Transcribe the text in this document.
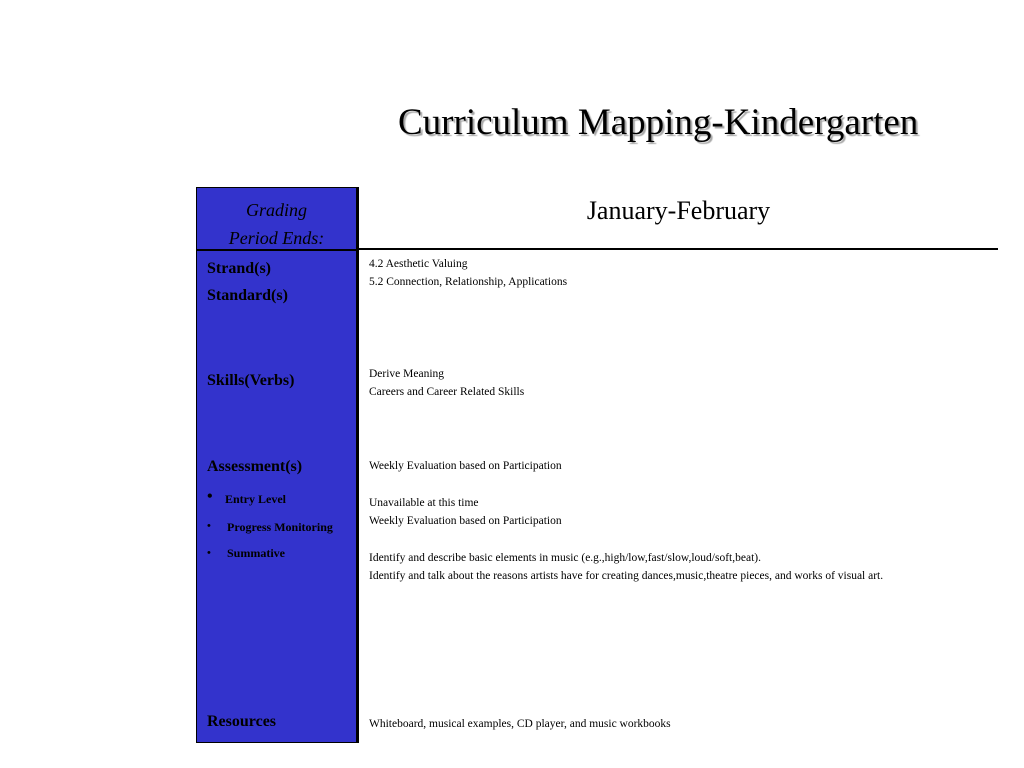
Curriculum Mapping-Kindergarten
Grading
Period Ends:
Strand(s)
Standard(s)
Skills(Verbs)
Assessment(s)
• Entry Level
• Progress Monitoring
• Summative
Resources
January-February
4.2 Aesthetic Valuing
5.2 Connection, Relationship, Applications
Derive Meaning
Careers and Career Related Skills
Weekly Evaluation based on Participation
Unavailable at this time
Weekly Evaluation based on Participation
Identify and describe basic elements in music (e.g.,high/low,fast/slow,loud/soft,beat).
Identify and talk about the reasons artists have for creating dances,music,theatre pieces, and works of visual art.
Whiteboard, musical examples, CD player, and music workbooks
